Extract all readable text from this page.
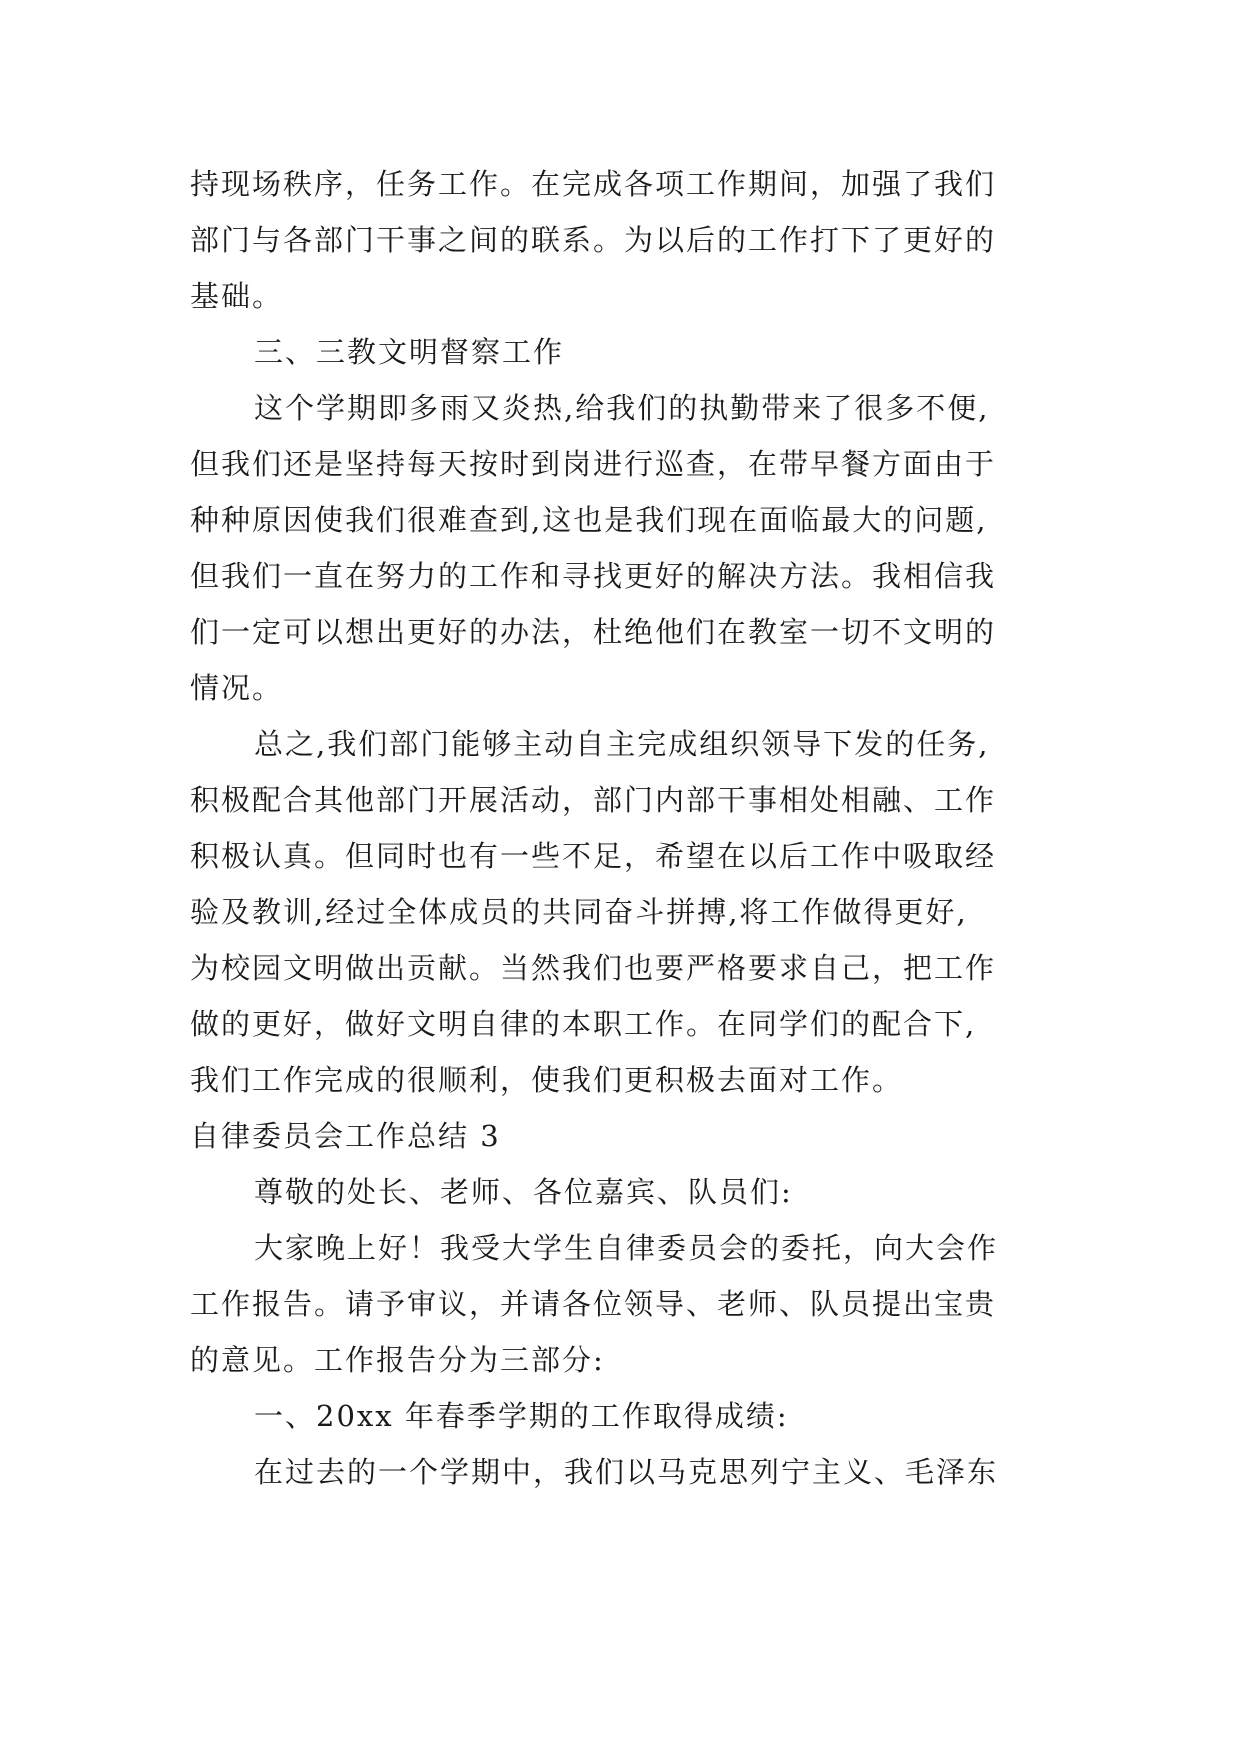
持现场秩序，任务工作。在完成各项工作期间，加强了我们
部门与各部门干事之间的联系。为以后的工作打下了更好的
基础。
三、三教文明督察工作
这个学期即多雨又炎热,给我们的执勤带来了很多不便,
但我们还是坚持每天按时到岗进行巡查，在带早餐方面由于
种种原因使我们很难查到,这也是我们现在面临最大的问题,
但我们一直在努力的工作和寻找更好的解决方法。我相信我
们一定可以想出更好的办法，杜绝他们在教室一切不文明的
情况。
总之,我们部门能够主动自主完成组织领导下发的任务,
积极配合其他部门开展活动，部门内部干事相处相融、工作
积极认真。但同时也有一些不足，希望在以后工作中吸取经
验及教训,经过全体成员的共同奋斗拼搏,将工作做得更好,
为校园文明做出贡献。当然我们也要严格要求自己，把工作
做的更好，做好文明自律的本职工作。在同学们的配合下,
我们工作完成的很顺利，使我们更积极去面对工作。
自律委员会工作总结 3
尊敬的处长、老师、各位嘉宾、队员们:
大家晚上好！我受大学生自律委员会的委托，向大会作
工作报告。请予审议，并请各位领导、老师、队员提出宝贵
的意见。工作报告分为三部分:
一、20xx 年春季学期的工作取得成绩:
在过去的一个学期中，我们以马克思列宁主义、毛泽东
